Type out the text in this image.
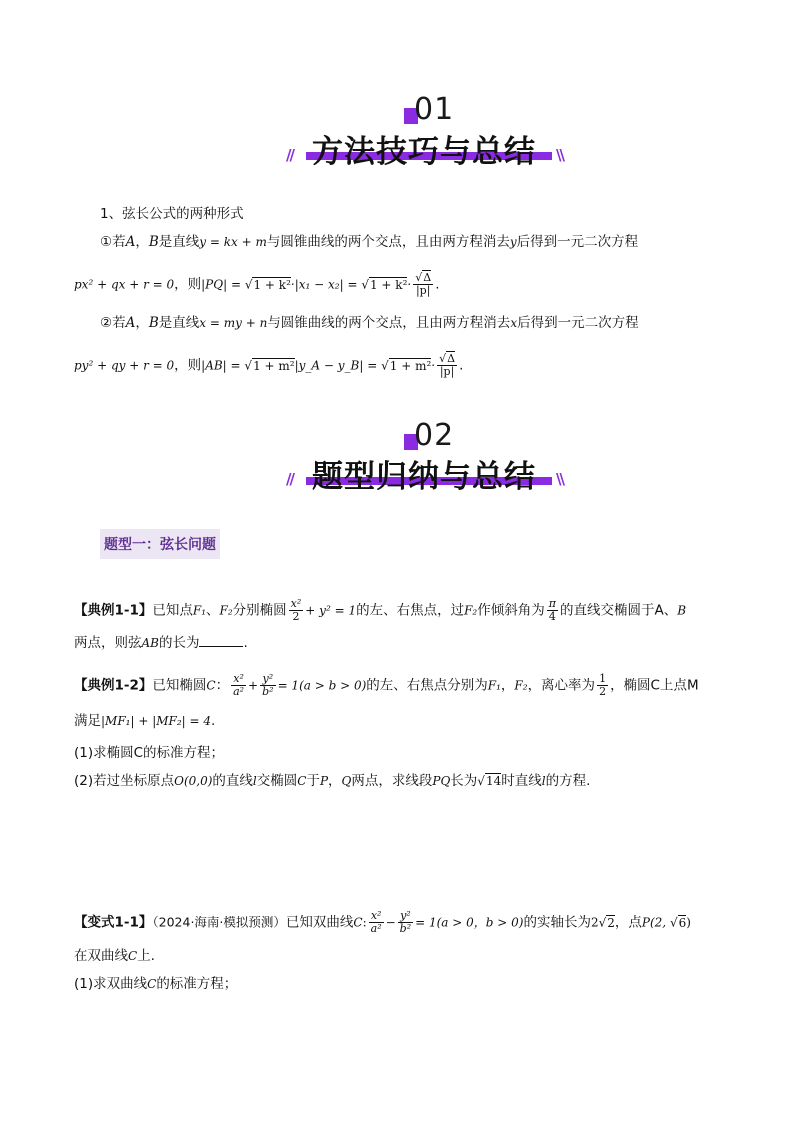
01
// 方法技巧与总结 \\
1、弦长公式的两种形式
①若A，B是直线y = kx + m与圆锥曲线的两个交点，且由两方程消去y后得到一元二次方程
px² + qx + r = 0，则$|PQ| = √1 + k^2\cdot|x_1 - x_2| = √1 + k^2\cdot \frac{√\Delta}{|p|}$ .
②若A，B是直线x = my + n与圆锥曲线的两个交点，且由两方程消去x后得到一元二次方程
py² + qy + r = 0，则|AB| = √1 + m²|y_A − y_B| = $√1 + m^2\cdot \frac{√\Delta}{|p|}$ .
02
// 题型归纳与总结 \\
题型一：弦长问题
【典例1-1】已知点F₁、F₂分别椭圆 $\frac{\text{x²}}{2} + y^2 = 1$的左、右焦点，过F₂作倾斜角为 $\frac{\pi}{4}$ 的直线交椭圆于A、B
两点，则弦AB的长为	.
【典例1-2】已知椭圆C： $\frac{\text{x²}}{\text{a²}} + \frac{\text{y²}}{\text{b²}} = 1(a > b > 0)$的左、右焦点分别为F₁，F₂，离心率为 $\frac{1}{2}$ ，椭圆C上点M
满足|MF₁| + |MF₂| = 4.
(1)求椭圆C的标准方程；
(2)若过坐标原点O(0,0)的直线l交椭圆C于P，Q两点，求线段PQ长为√14时直线l的方程.
【变式1-1】（2024·海南·模拟预测）已知双曲线C: $\frac{\text{x²}}{\text{a²}} - \frac{\text{y²}}{\text{b²}} = 1(a > 0$，b > 0)的实轴长为2√2，点P(2, √6)
在双曲线C上.
(1)求双曲线C的标准方程；
